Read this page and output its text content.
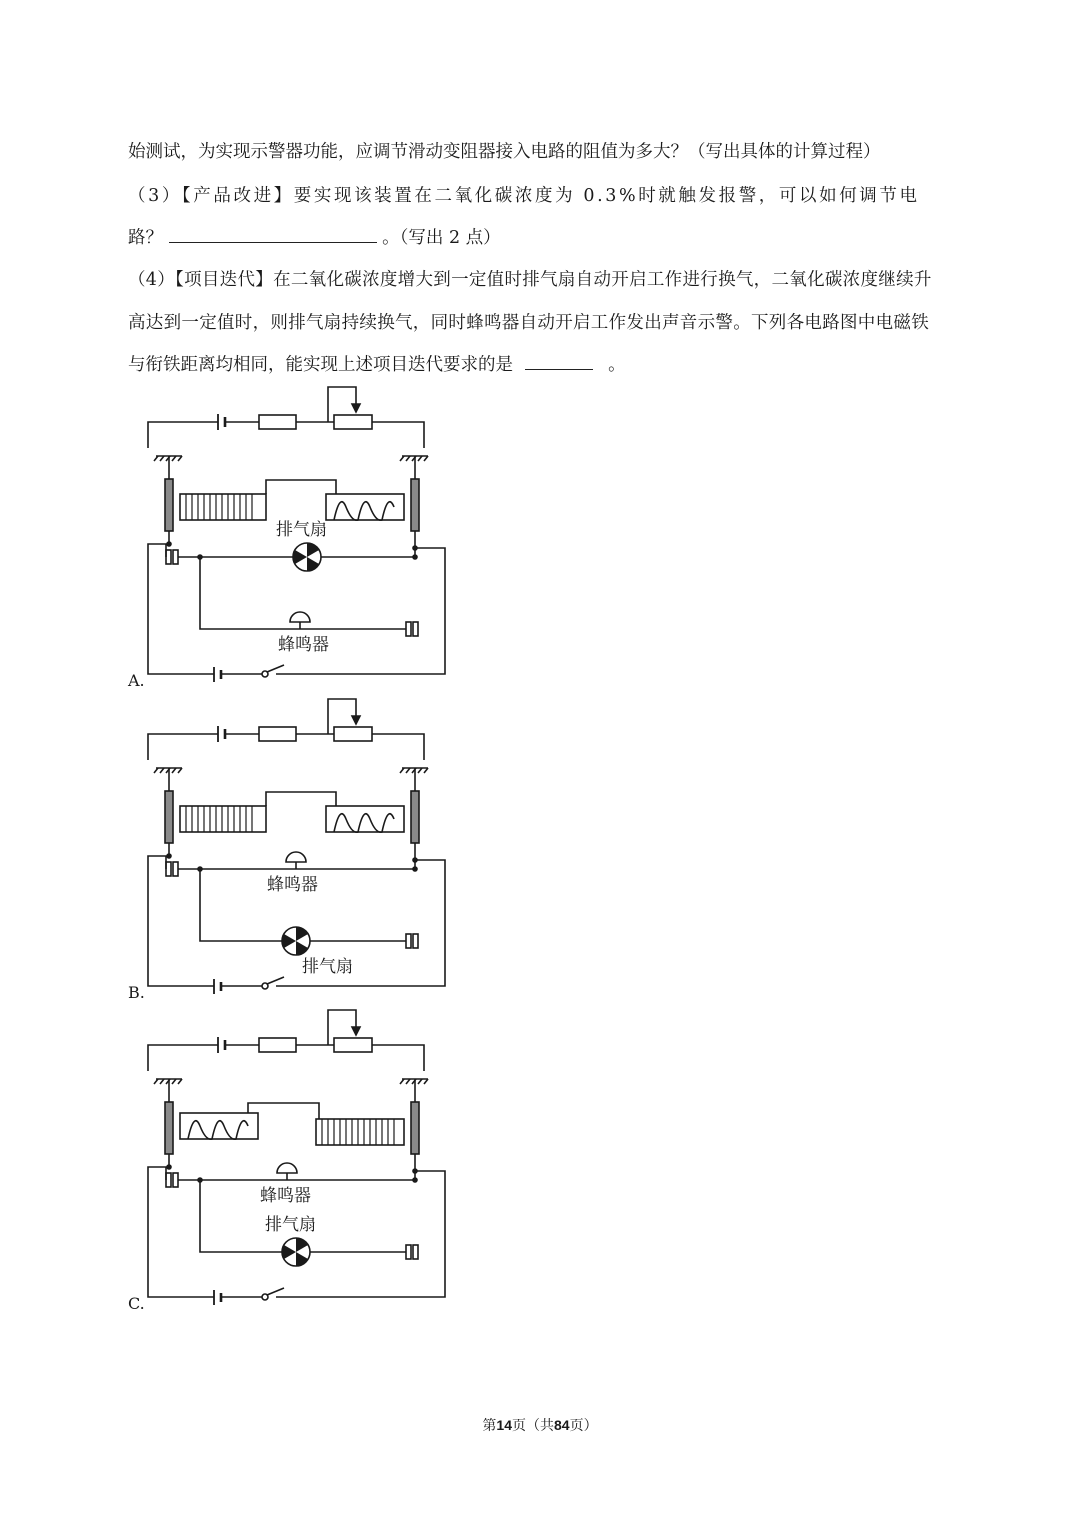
始测试，为实现示警器功能，应调节滑动变阻器接入电路的阻值为多大？（写出具体的计算过程）
（3）【产品改进】要实现该装置在二氧化碳浓度为 0.3%时就触发报警，可以如何调节电
路？	。（写出 2 点）
（4）【项目迭代】在二氧化碳浓度增大到一定值时排气扇自动开启工作进行换气，二氧化碳浓度继续升
高达到一定值时，则排气扇持续换气，同时蜂鸣器自动开启工作发出声音示警。下列各电路图中电磁铁
与衔铁距离均相同，能实现上述项目迭代要求的是	。
排气扇
蜂鸣器
A.
蜂鸣器
排气扇
B.
蜂鸣器
排气扇
C.
第14页（共84页）
